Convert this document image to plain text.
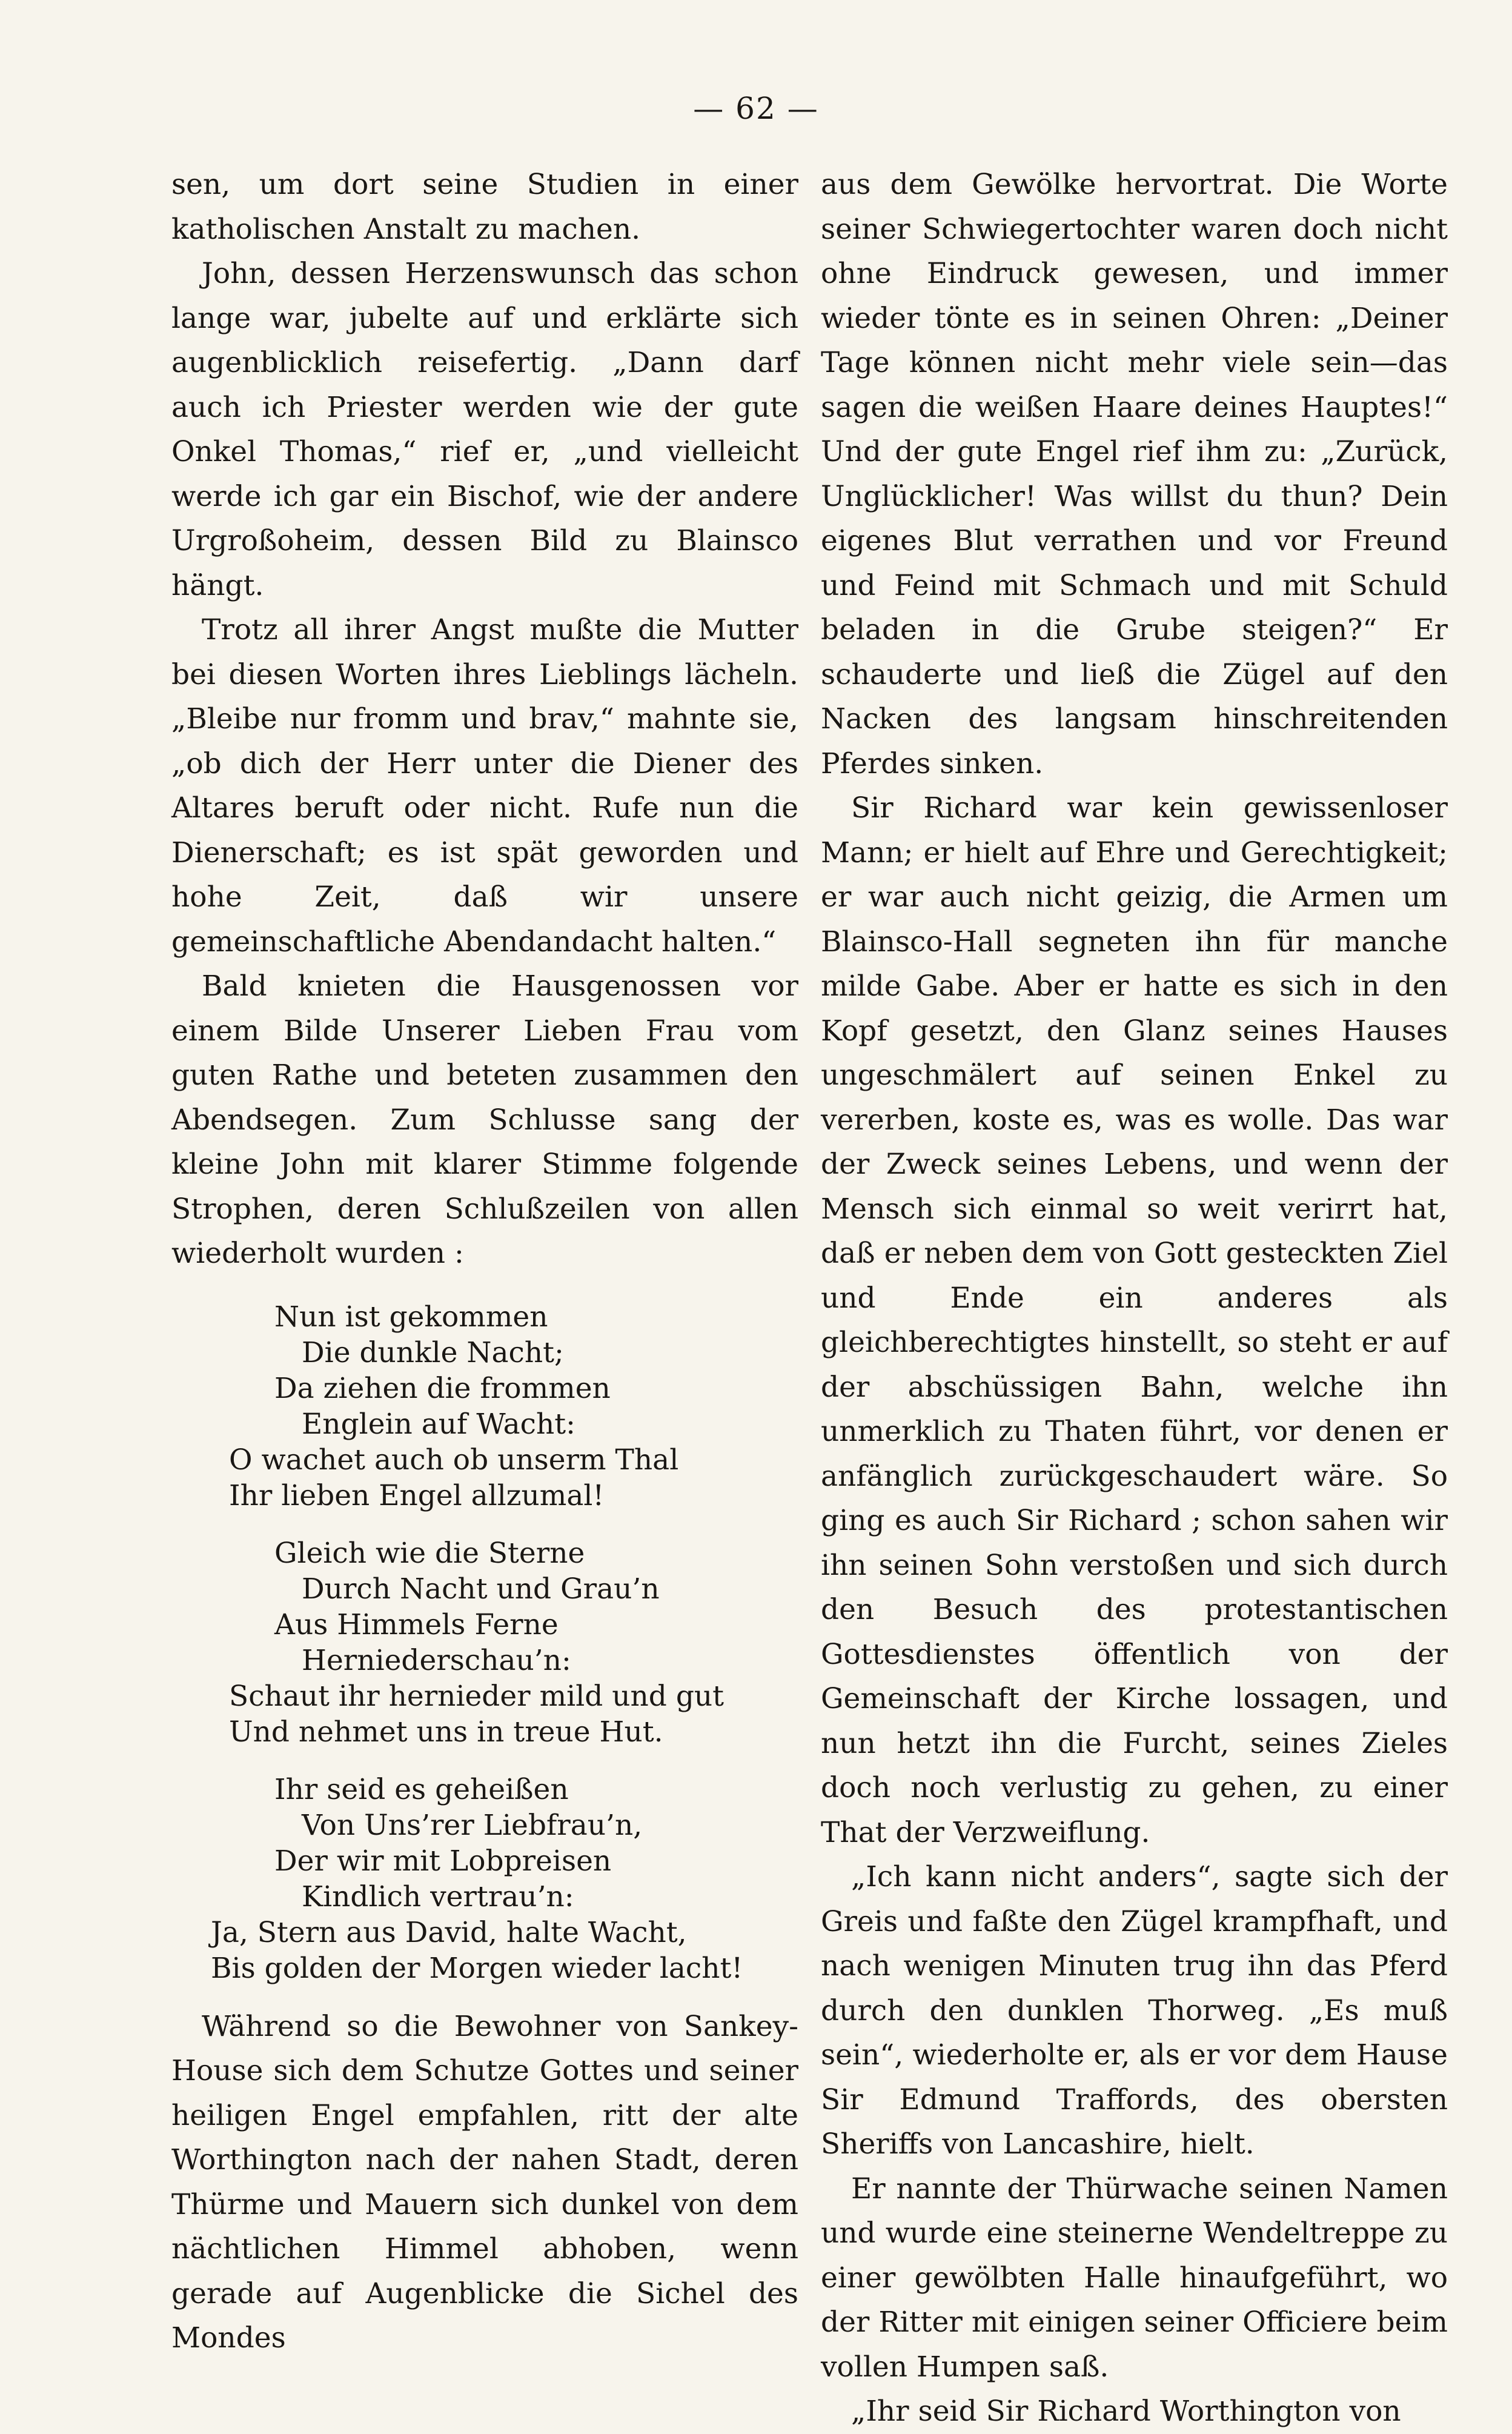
— 62 —

sen, um dort seine Studien in einer katholischen Anstalt zu machen.

John, dessen Herzenswunsch das schon lange war, jubelte auf und erklärte sich augenblicklich reisefertig. „Dann darf auch ich Priester werden wie der gute Onkel Thomas,“ rief er, „und vielleicht werde ich gar ein Bischof, wie der andere Urgroßoheim, dessen Bild zu Blainsco hängt.

Trotz all ihrer Angst mußte die Mutter bei diesen Worten ihres Lieblings lächeln. „Bleibe nur fromm und brav,“ mahnte sie, „ob dich der Herr unter die Diener des Altares beruft oder nicht. Rufe nun die Dienerschaft; es ist spät geworden und hohe Zeit, daß wir unsere gemeinschaftliche Abendandacht halten.“

Bald knieten die Hausgenossen vor einem Bilde Unserer Lieben Frau vom guten Rathe und beteten zusammen den Abendsegen. Zum Schlusse sang der kleine John mit klarer Stimme folgende Strophen, deren Schlußzeilen von allen wiederholt wurden :

Nun ist gekommen
Die dunkle Nacht;
Da ziehen die frommen
Englein auf Wacht:
O wachet auch ob unserm Thal
Ihr lieben Engel allzumal!
Gleich wie die Sterne
Durch Nacht und Grau’n
Aus Himmels Ferne
Herniederschau’n:
Schaut ihr hernieder mild und gut
Und nehmet uns in treue Hut.
Ihr seid es geheißen
Von Uns’rer Liebfrau’n,
Der wir mit Lobpreisen
Kindlich vertrau’n:
Ja, Stern aus David, halte Wacht,
Bis golden der Morgen wieder lacht!

Während so die Bewohner von Sankey-House sich dem Schutze Gottes und seiner heiligen Engel empfahlen, ritt der alte Worthington nach der nahen Stadt, deren Thürme und Mauern sich dunkel von dem nächtlichen Himmel abhoben, wenn gerade auf Augenblicke die Sichel des Mondes

aus dem Gewölke hervortrat. Die Worte seiner Schwiegertochter waren doch nicht ohne Eindruck gewesen, und immer wieder tönte es in seinen Ohren: „Deiner Tage können nicht mehr viele sein—das sagen die weißen Haare deines Hauptes!“ Und der gute Engel rief ihm zu: „Zurück, Unglücklicher! Was willst du thun? Dein eigenes Blut verrathen und vor Freund und Feind mit Schmach und mit Schuld beladen in die Grube steigen?“ Er schauderte und ließ die Zügel auf den Nacken des langsam hinschreitenden Pferdes sinken.

Sir Richard war kein gewissenloser Mann; er hielt auf Ehre und Gerechtigkeit; er war auch nicht geizig, die Armen um Blainsco-Hall segneten ihn für manche milde Gabe. Aber er hatte es sich in den Kopf gesetzt, den Glanz seines Hauses ungeschmälert auf seinen Enkel zu vererben, koste es, was es wolle. Das war der Zweck seines Lebens, und wenn der Mensch sich einmal so weit verirrt hat, daß er neben dem von Gott gesteckten Ziel und Ende ein anderes als gleichberechtigtes hinstellt, so steht er auf der abschüssigen Bahn, welche ihn unmerklich zu Thaten führt, vor denen er anfänglich zurückgeschaudert wäre. So ging es auch Sir Richard ; schon sahen wir ihn seinen Sohn verstoßen und sich durch den Besuch des protestantischen Gottesdienstes öffentlich von der Gemeinschaft der Kirche lossagen, und nun hetzt ihn die Furcht, seines Zieles doch noch verlustig zu gehen, zu einer That der Verzweiflung.

„Ich kann nicht anders“, sagte sich der Greis und faßte den Zügel krampfhaft, und nach wenigen Minuten trug ihn das Pferd durch den dunklen Thorweg. „Es muß sein“, wiederholte er, als er vor dem Hause Sir Edmund Traffords, des obersten Sheriffs von Lancashire, hielt.

Er nannte der Thürwache seinen Namen und wurde eine steinerne Wendeltreppe zu einer gewölbten Halle hinaufgeführt, wo der Ritter mit einigen seiner Officiere beim vollen Humpen saß.

„Ihr seid Sir Richard Worthington von
